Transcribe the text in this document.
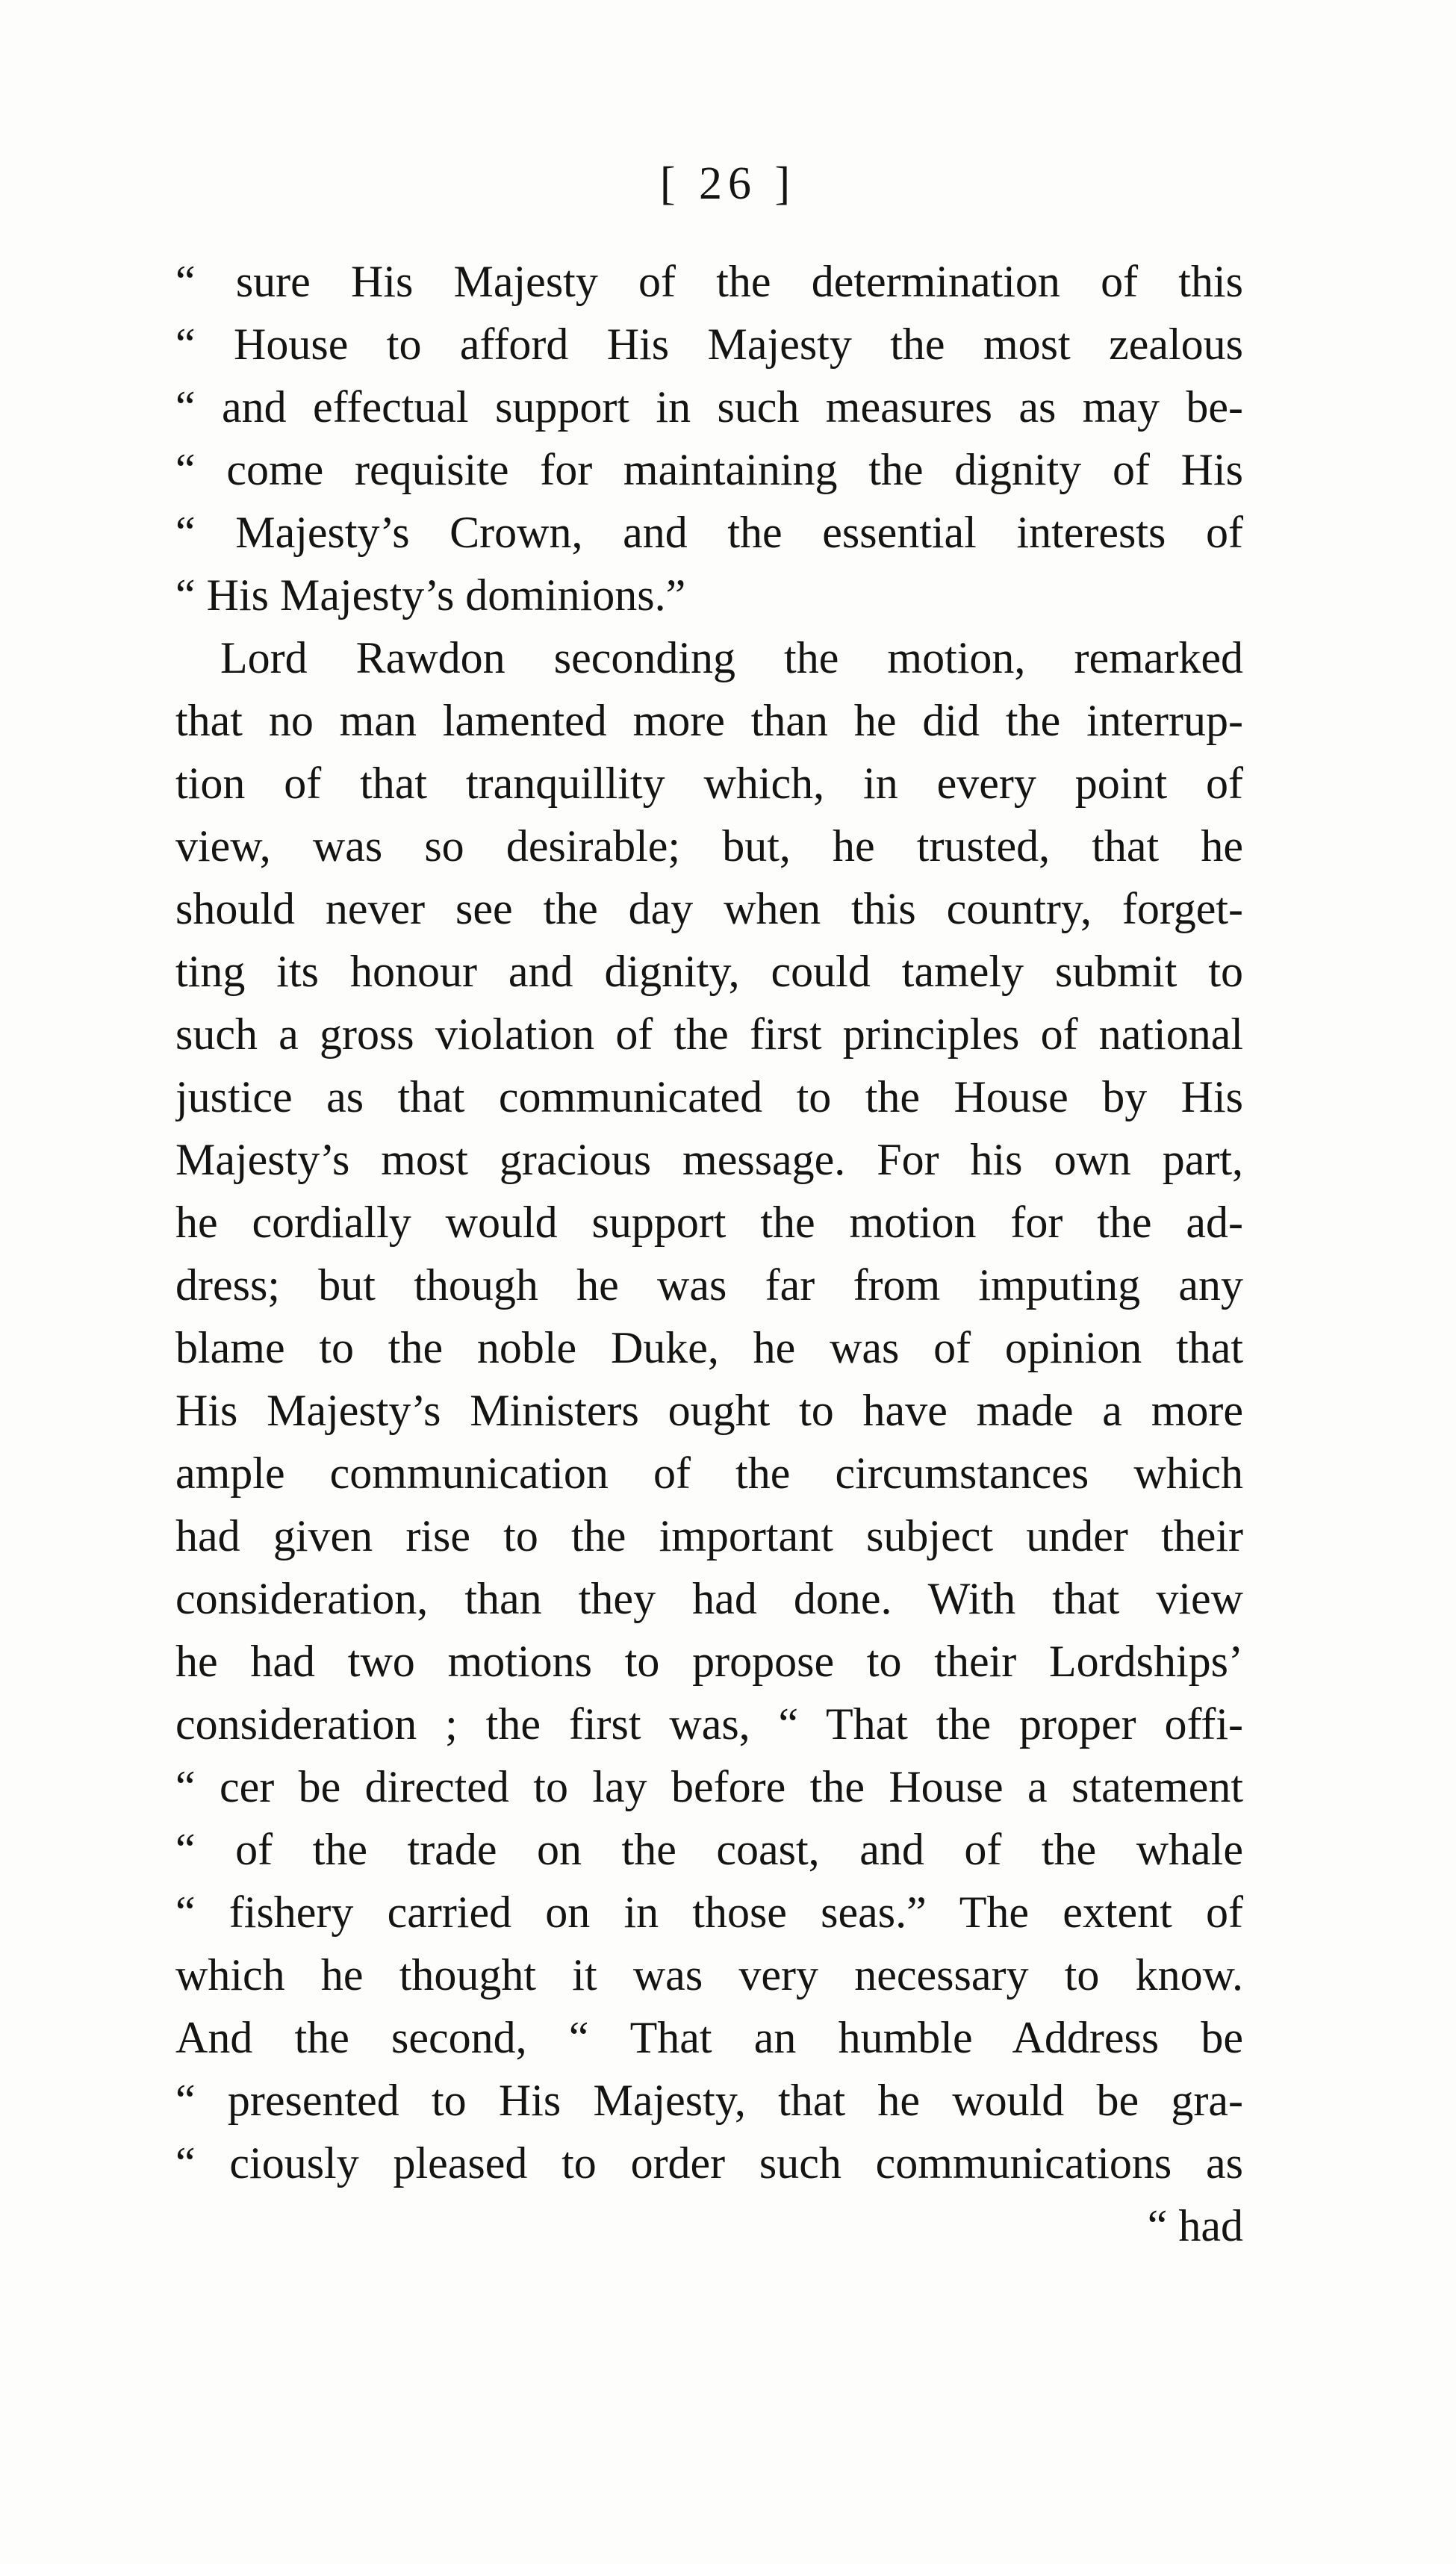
[ 26 ]
“ sure His Majesty of the determination of this
“ House to afford His Majesty the most zealous
“ and effectual support in such measures as may be-
“ come requisite for maintaining the dignity of His
“ Majesty’s Crown, and the essential interests of
“ His Majesty’s dominions.”
Lord Rawdon seconding the motion, remarked
that no man lamented more than he did the interrup-
tion of that tranquillity which, in every point of
view, was so desirable; but, he trusted, that he
should never see the day when this country, forget-
ting its honour and dignity, could tamely submit to
such a gross violation of the first principles of national
justice as that communicated to the House by His
Majesty’s most gracious message. For his own part,
he cordially would support the motion for the ad-
dress; but though he was far from imputing any
blame to the noble Duke, he was of opinion that
His Majesty’s Ministers ought to have made a more
ample communication of the circumstances which
had given rise to the important subject under their
consideration, than they had done. With that view
he had two motions to propose to their Lordships’
consideration ; the first was, “ That the proper offi-
“ cer be directed to lay before the House a statement
“ of the trade on the coast, and of the whale
“ fishery carried on in those seas.” The extent of
which he thought it was very necessary to know.
And the second, “ That an humble Address be
“ presented to His Majesty, that he would be gra-
“ ciously pleased to order such communications as
“ had
